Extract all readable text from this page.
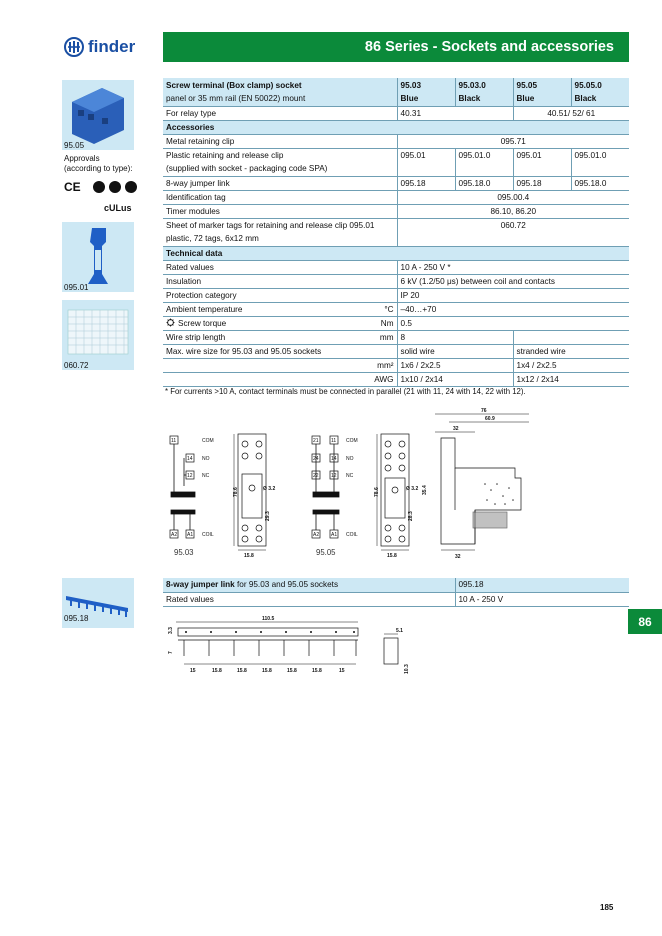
finder	86 Series - Sockets and accessories
95.05
Approvals
(according to type):
CE
cULus
095.01
060.72
095.18
Screw terminal (Box clamp) socket		95.03	95.03.0	95.05	95.05.0
panel or 35 mm rail (EN 50022) mount		Blue	Black	Blue	Black
For relay type		40.31		40.51/ 52/ 61	
Accessories					
Metal retaining clip		095.71			
Plastic retaining and release clip		095.01	095.01.0	095.01	095.01.0
(supplied with socket - packaging code SPA)					
8-way jumper link		095.18	095.18.0	095.18	095.18.0
Identification tag		095.00.4			
Timer modules		86.10, 86.20			
Sheet of marker tags for retaining and release clip 095.01		060.72			
plastic, 72 tags, 6x12 mm					
Technical data					
Rated values		10 A - 250 V *			
Insulation		6 kV (1.2/50 μs) between coil and contacts			
Protection category		IP 20			
Ambient temperature	°C	–40…+70			
Screw torque	Nm	0.5			
Wire strip length	mm	8			
Max. wire size for 95.03 and 95.05 sockets		solid wire		stranded wire	
	mm²	1x6 / 2x2.5		1x4 / 2x2.5	
	AWG	1x10 / 2x14		1x12 / 2x14	
* For currents >10 A, contact terminals must be connected in parallel (21 with 11, 24 with 14, 22 with 12).
11
14
12
A2 A1
COM
NO
NC
COIL
95.03
78.6	Ø 3.2
29.3
15.8
21 11
24 14
22 12
A2 A1
COM
NO
NC
COIL
95.05
78.6	Ø 3.2
28.3
35.4
15.8
76
60.9
32
32
8-way jumper link for 95.03 and 95.05 sockets	095.18
Rated values	10 A - 250 V
86
110.5
3.3
7
15	15.8	15.8	15.8	15.8	15.8	15
5.1
10.3
185
